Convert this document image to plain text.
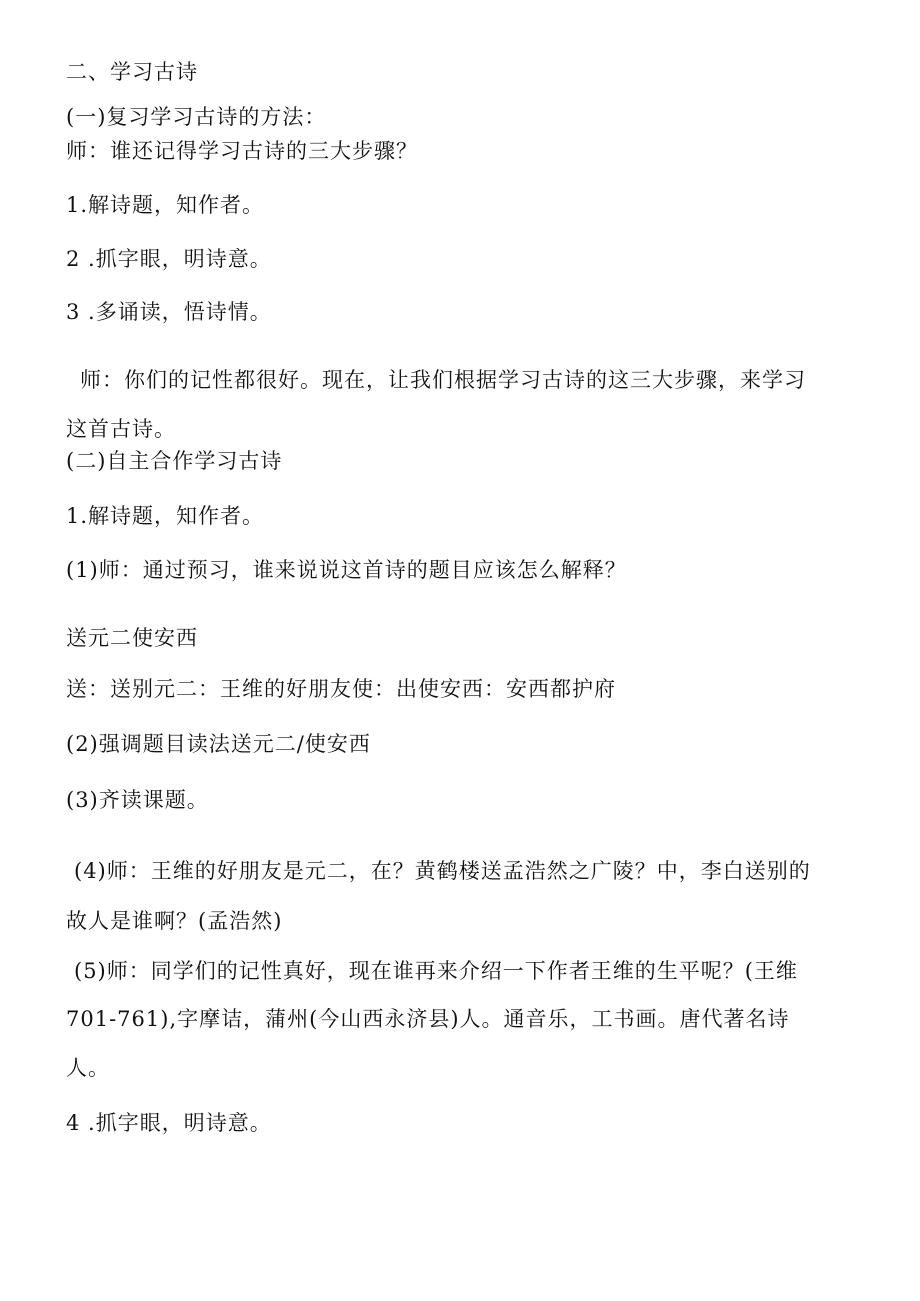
二、学习古诗
(一)复习学习古诗的方法：
师：谁还记得学习古诗的三大步骤？
1.解诗题，知作者。
2 .抓字眼，明诗意。
3 .多诵读，悟诗情。
师：你们的记性都很好。现在，让我们根据学习古诗的这三大步骤，来学习
这首古诗。
(二)自主合作学习古诗
1.解诗题，知作者。
(1)师：通过预习，谁来说说这首诗的题目应该怎么解释？
送元二使安西
送：送别元二：王维的好朋友使：出使安西：安西都护府
(2)强调题目读法送元二/使安西
(3)齐读课题。
(4)师：王维的好朋友是元二，在？黄鹤楼送孟浩然之广陵？中，李白送别的
故人是谁啊？(孟浩然)
(5)师：同学们的记性真好，现在谁再来介绍一下作者王维的生平呢？(王维
701-761),字摩诘，蒲州(今山西永济县)人。通音乐，工书画。唐代著名诗
人。
4 .抓字眼，明诗意。
